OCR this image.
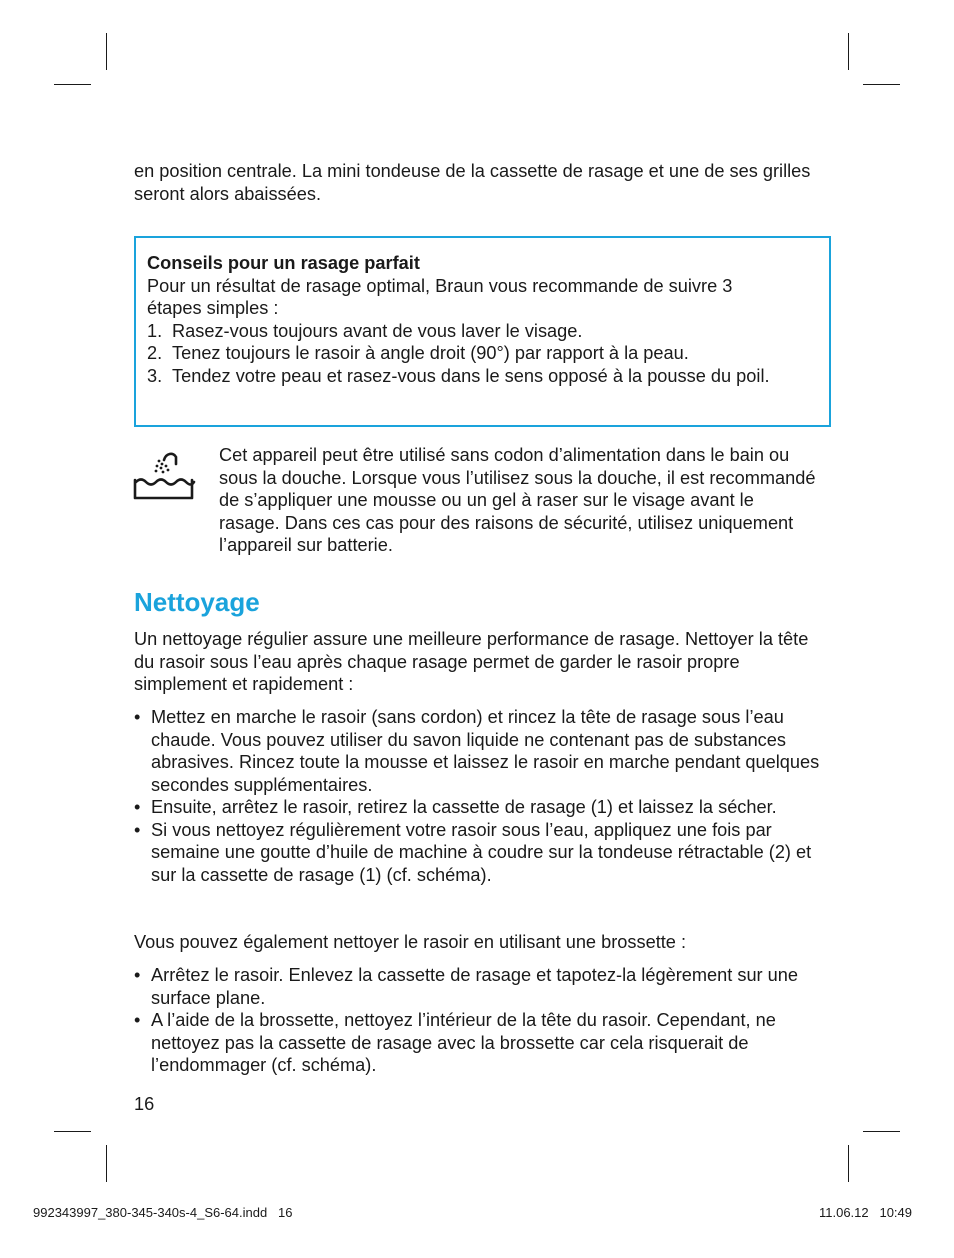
en position centrale. La mini tondeuse de la cassette de rasage et une de ses grilles seront alors abaissées.

Conseils pour un rasage parfait

Pour un résultat de rasage optimal, Braun vous recommande de suivre 3 étapes simples :

1. Rasez-vous toujours avant de vous laver le visage.
2. Tenez toujours le rasoir à angle droit (90°) par rapport à la peau.
3. Tendez votre peau et rasez-vous dans le sens opposé à la pousse du poil.

Cet appareil peut être utilisé sans codon d’alimentation dans le bain ou sous la douche. Lorsque vous l’utilisez sous la douche, il est recommandé de s’appliquer une mousse ou un gel à raser sur le visage avant le rasage. Dans ces cas pour des raisons de sécurité, utilisez uniquement l’appareil sur batterie.

Nettoyage

Un nettoyage régulier assure une meilleure performance de rasage. Nettoyer la tête du rasoir sous l’eau après chaque rasage permet de garder le rasoir propre simplement et rapidement :

• Mettez en marche le rasoir (sans cordon) et rincez la tête de rasage sous l’eau chaude. Vous pouvez utiliser du savon liquide ne contenant pas de substances abrasives. Rincez toute la mousse et laissez le rasoir en marche pendant quelques secondes supplémentaires.
• Ensuite, arrêtez le rasoir, retirez la cassette de rasage (1) et laissez la sécher.
• Si vous nettoyez régulièrement votre rasoir sous l’eau, appliquez une fois par semaine une goutte d’huile de machine à coudre sur la tondeuse rétractable (2) et sur la cassette de rasage (1) (cf. schéma).

Vous pouvez également nettoyer le rasoir en utilisant une brossette :

• Arrêtez le rasoir. Enlevez la cassette de rasage et tapotez-la légèrement sur une surface plane.
• A l’aide de la brossette, nettoyez l’intérieur de la tête du rasoir. Cependant, ne nettoyez pas la cassette de rasage avec la brossette car cela risquerait de l’endommager (cf. schéma).
16
992343997_380-345-340s-4_S6-64.indd   16	11.06.12   10:49
